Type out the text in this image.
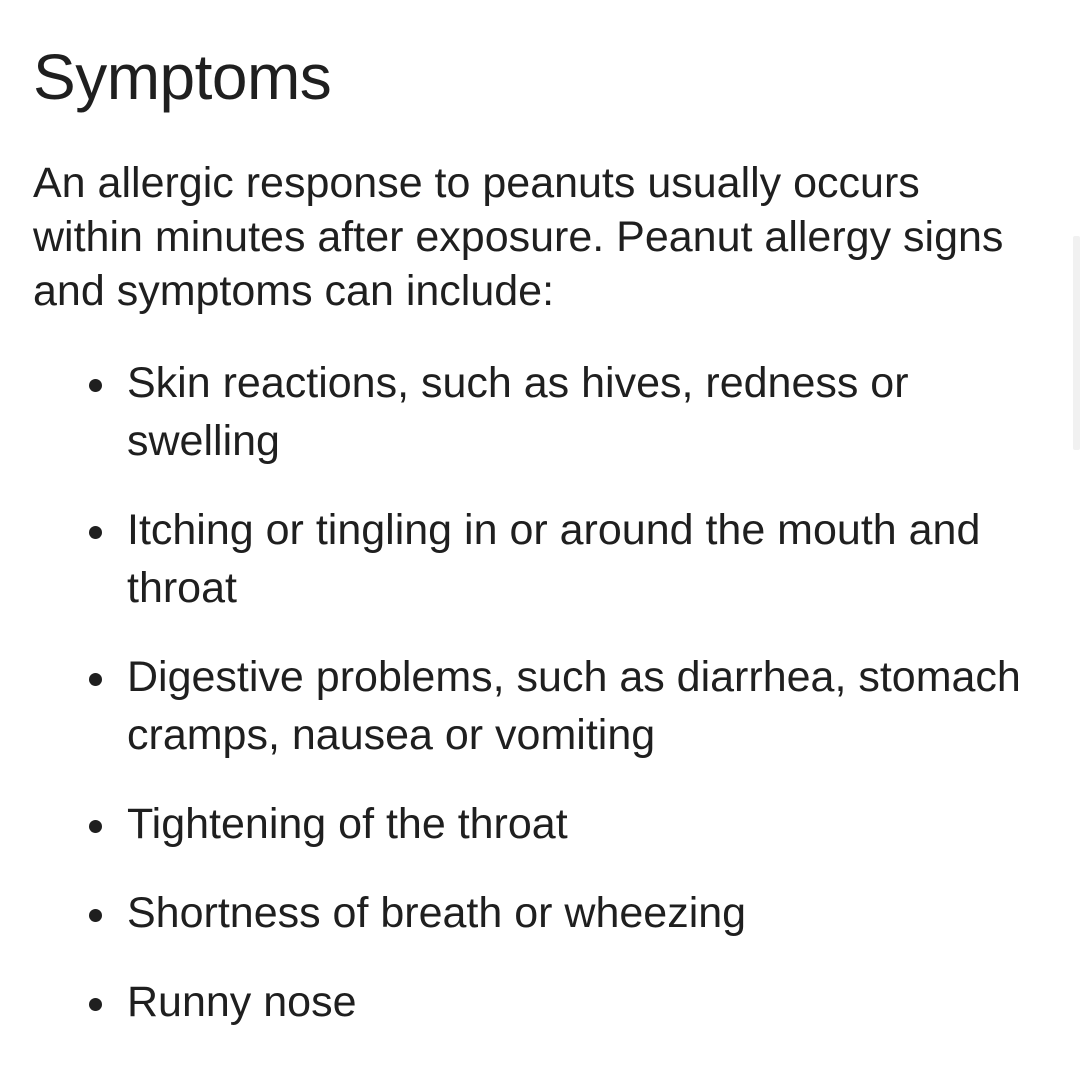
Symptoms

An allergic response to peanuts usually occurs within minutes after exposure. Peanut allergy signs and symptoms can include:

Skin reactions, such as hives, redness or swelling
Itching or tingling in or around the mouth and throat
Digestive problems, such as diarrhea, stomach cramps, nausea or vomiting
Tightening of the throat
Shortness of breath or wheezing
Runny nose
